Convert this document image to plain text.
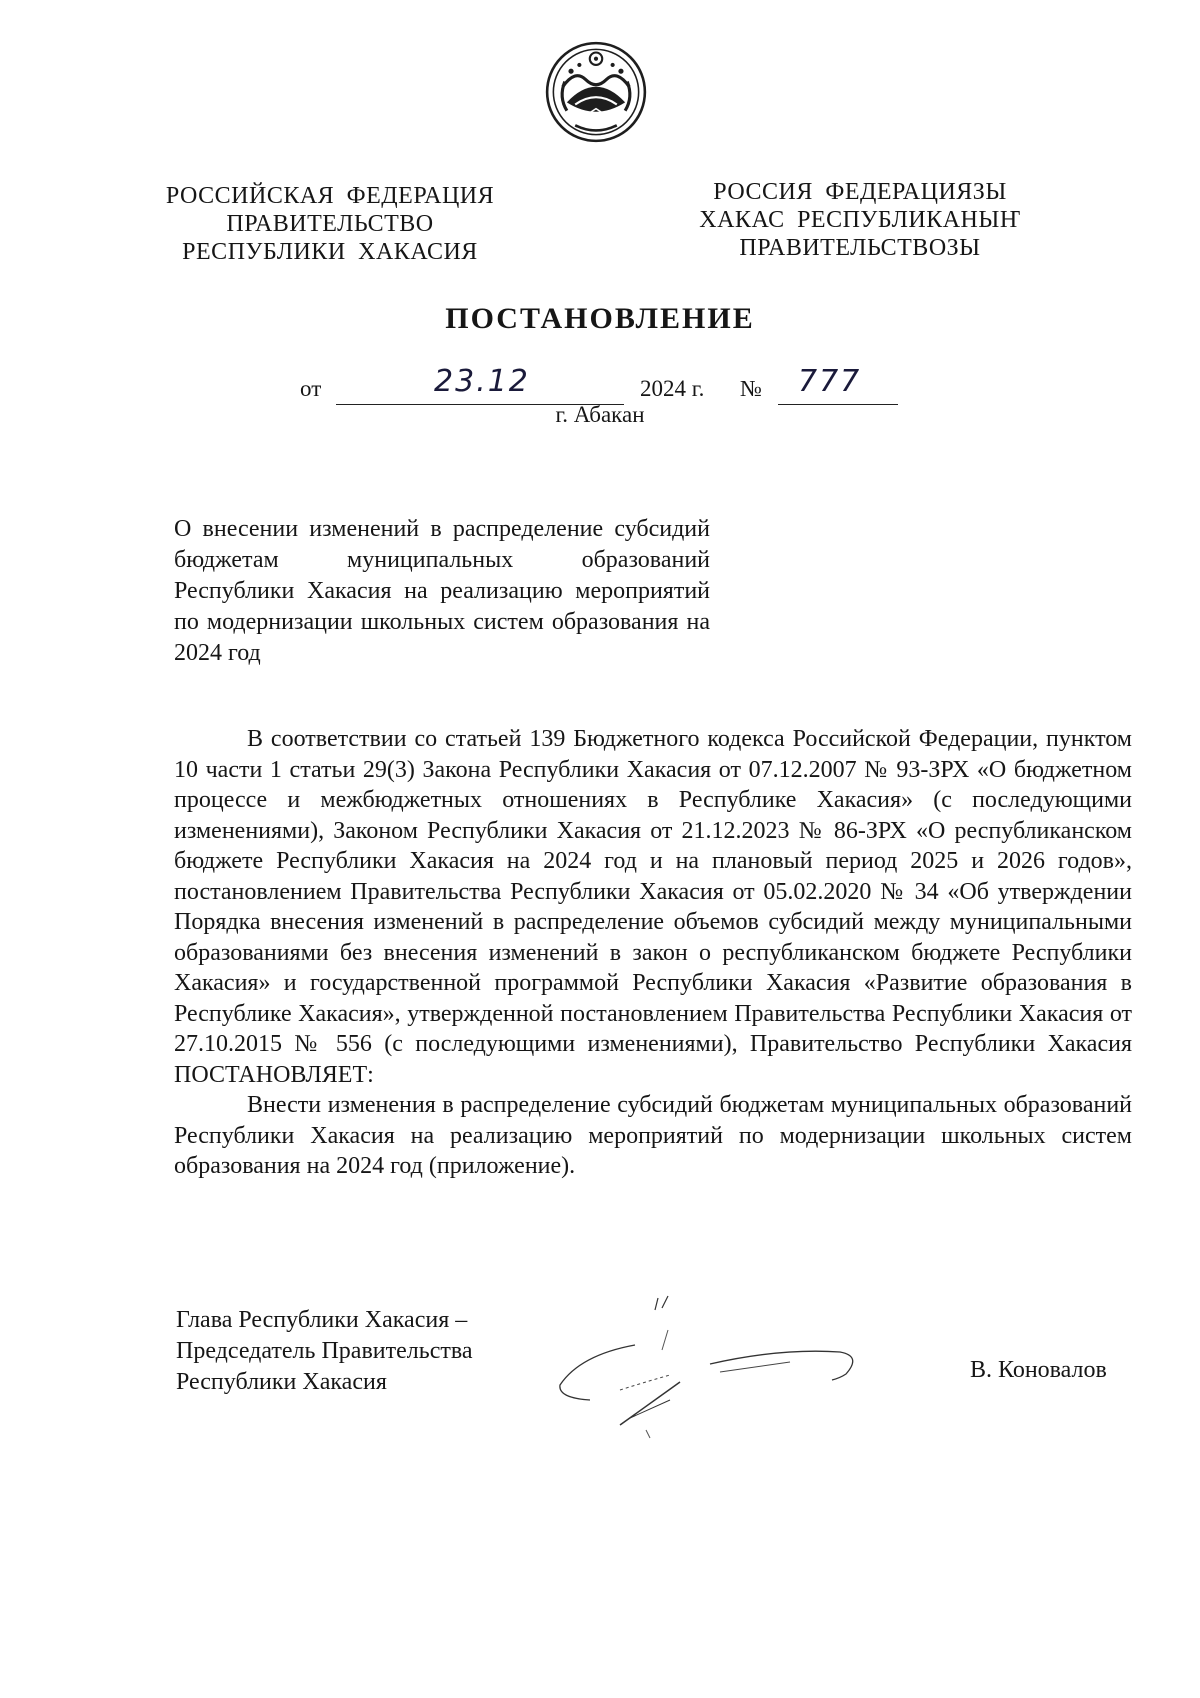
РОССИЙСКАЯ ФЕДЕРАЦИЯ
ПРАВИТЕЛЬСТВО
РЕСПУБЛИКИ ХАКАСИЯ
РОССИЯ ФЕДЕРАЦИЯЗЫ
ХАКАС РЕСПУБЛИКАНЫҤ
ПРАВИТЕЛЬСТВОЗЫ
ПОСТАНОВЛЕНИЕ
от	23.12	2024 г. № 777
г. Абакан
О внесении изменений в распределение субсидий бюджетам муниципальных образований Республики Хакасия на реализацию мероприятий по модернизации школьных систем образования на 2024 год

В соответствии со статьей 139 Бюджетного кодекса Российской Федерации, пунктом 10 части 1 статьи 29(3) Закона Республики Хакасия от 07.12.2007 № 93-ЗРХ «О бюджетном процессе и межбюджетных отношениях в Республике Хакасия» (с последующими изменениями), Законом Республики Хакасия от 21.12.2023 № 86-ЗРХ «О республиканском бюджете Республики Хакасия на 2024 год и на плановый период 2025 и 2026 годов», постановлением Правительства Республики Хакасия от 05.02.2020 № 34 «Об утверждении Порядка внесения изменений в распределение объемов субсидий между муниципальными образованиями без внесения изменений в закон о республиканском бюджете Республики Хакасия» и государственной программой Республики Хакасия «Развитие образования в Республике Хакасия», утвержденной постановлением Правительства Республики Хакасия от 27.10.2015 № 556 (с последующими изменениями), Правительство Республики Хакасия ПОСТАНОВЛЯЕТ:

Внести изменения в распределение субсидий бюджетам муниципальных образований Республики Хакасия на реализацию мероприятий по модернизации школьных систем образования на 2024 год (приложение).

Глава Республики Хакасия –
Председатель Правительства
Республики Хакасия	В. Коновалов
